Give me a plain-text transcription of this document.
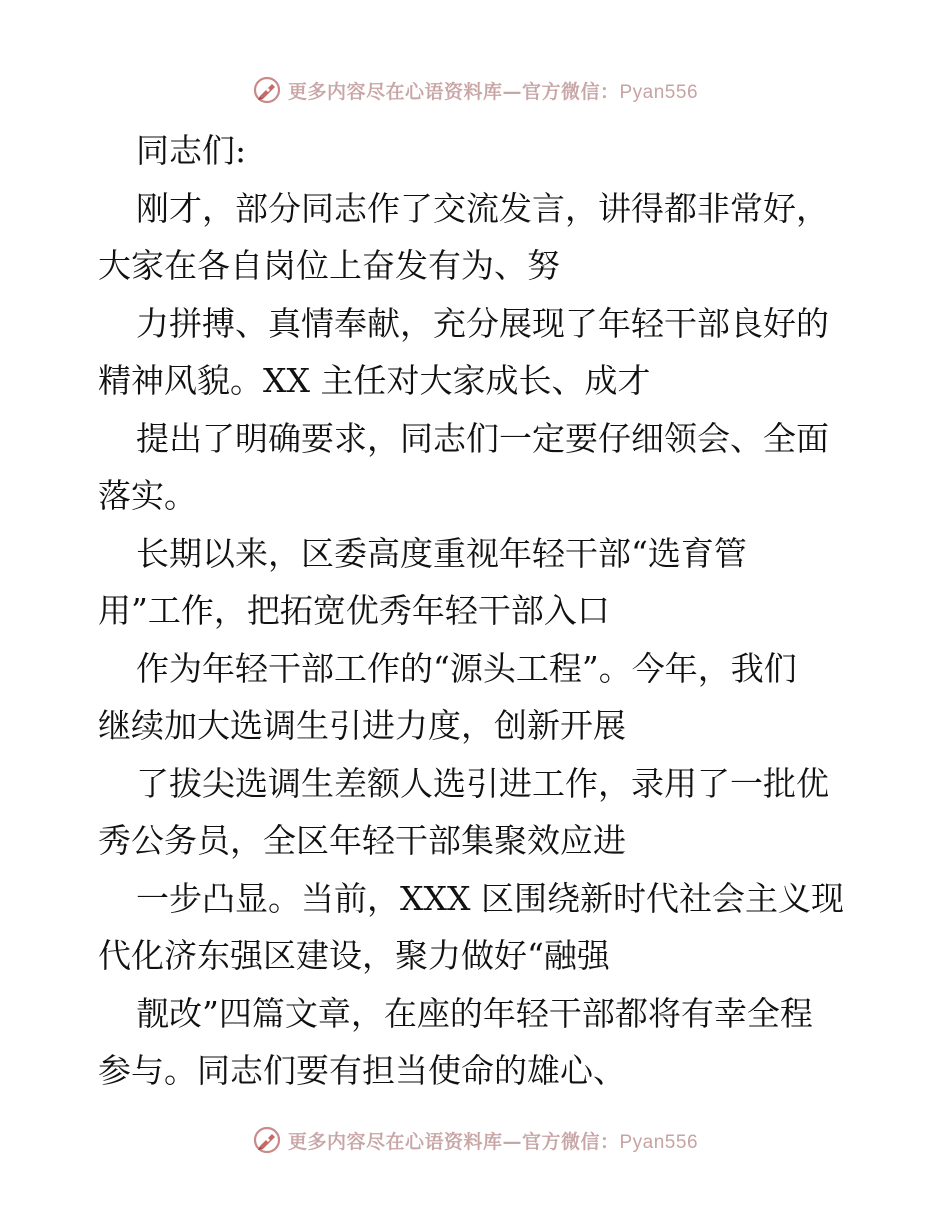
更多内容尽在心语资料库—官方微信：Pyan556
同志们:
刚才，部分同志作了交流发言，讲得都非常好，
大家在各自岗位上奋发有为、努
力拼搏、真情奉献，充分展现了年轻干部良好的
精神风貌。XX 主任对大家成长、成才
提出了明确要求，同志们一定要仔细领会、全面
落实。
长期以来，区委高度重视年轻干部“选育管
用”工作，把拓宽优秀年轻干部入口
作为年轻干部工作的“源头工程”。今年，我们
继续加大选调生引进力度，创新开展
了拔尖选调生差额人选引进工作，录用了一批优
秀公务员，全区年轻干部集聚效应进
一步凸显。当前，XXX 区围绕新时代社会主义现
代化济东强区建设，聚力做好“融强
靓改”四篇文章，在座的年轻干部都将有幸全程
参与。同志们要有担当使命的雄心、
更多内容尽在心语资料库—官方微信：Pyan556
